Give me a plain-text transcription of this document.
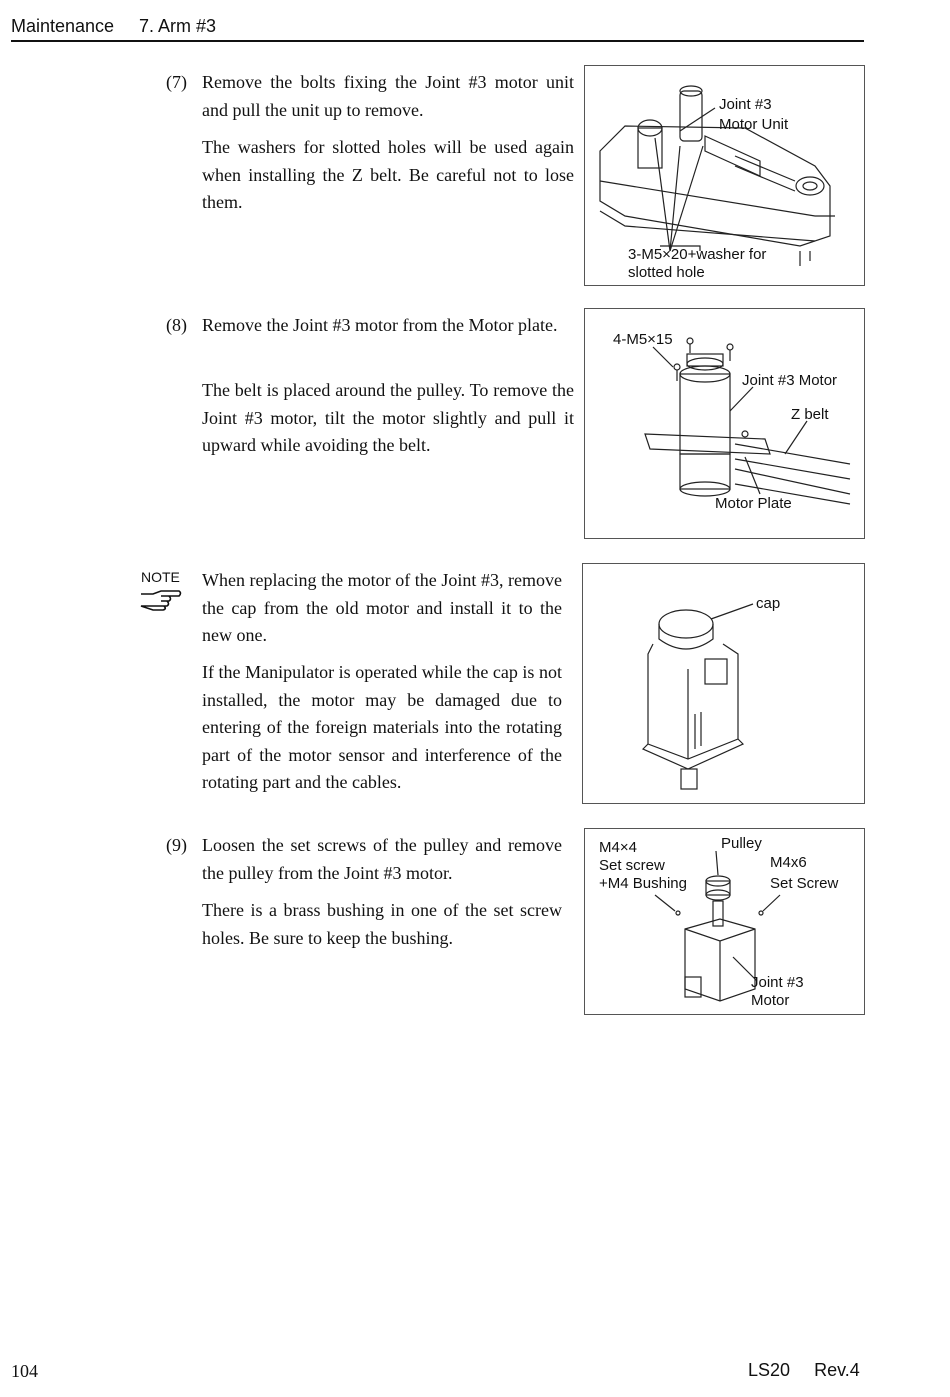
Maintenance 7. Arm #3
(7) Remove the bolts fixing the Joint #3 motor unit and pull the unit up to remove.

The washers for slotted holes will be used again when installing the Z belt. Be careful not to lose them.

Joint #3
Motor Unit
3-M5×20+washer for
slotted hole
(8) Remove the Joint #3 motor from the Motor plate.

The belt is placed around the pulley. To remove the Joint #3 motor, tilt the motor slightly and pull it upward while avoiding the belt.

4-M5×15
Joint #3 Motor
Z belt
Motor Plate
NOTE When replacing the motor of the Joint #3, remove the cap from the old motor and install it to the new one.

If the Manipulator is operated while the cap is not installed, the motor may be damaged due to entering of the foreign materials into the rotating part of the motor sensor and interference of the rotating part and the cables.

cap
(9) Loosen the set screws of the pulley and remove the pulley from the Joint #3 motor.

There is a brass bushing in one of the set screw holes. Be sure to keep the bushing.

M4×4
Set screw
+M4 Bushing
Pulley
M4x6
Set Screw
Joint #3
Motor
104	LS20 Rev.4
